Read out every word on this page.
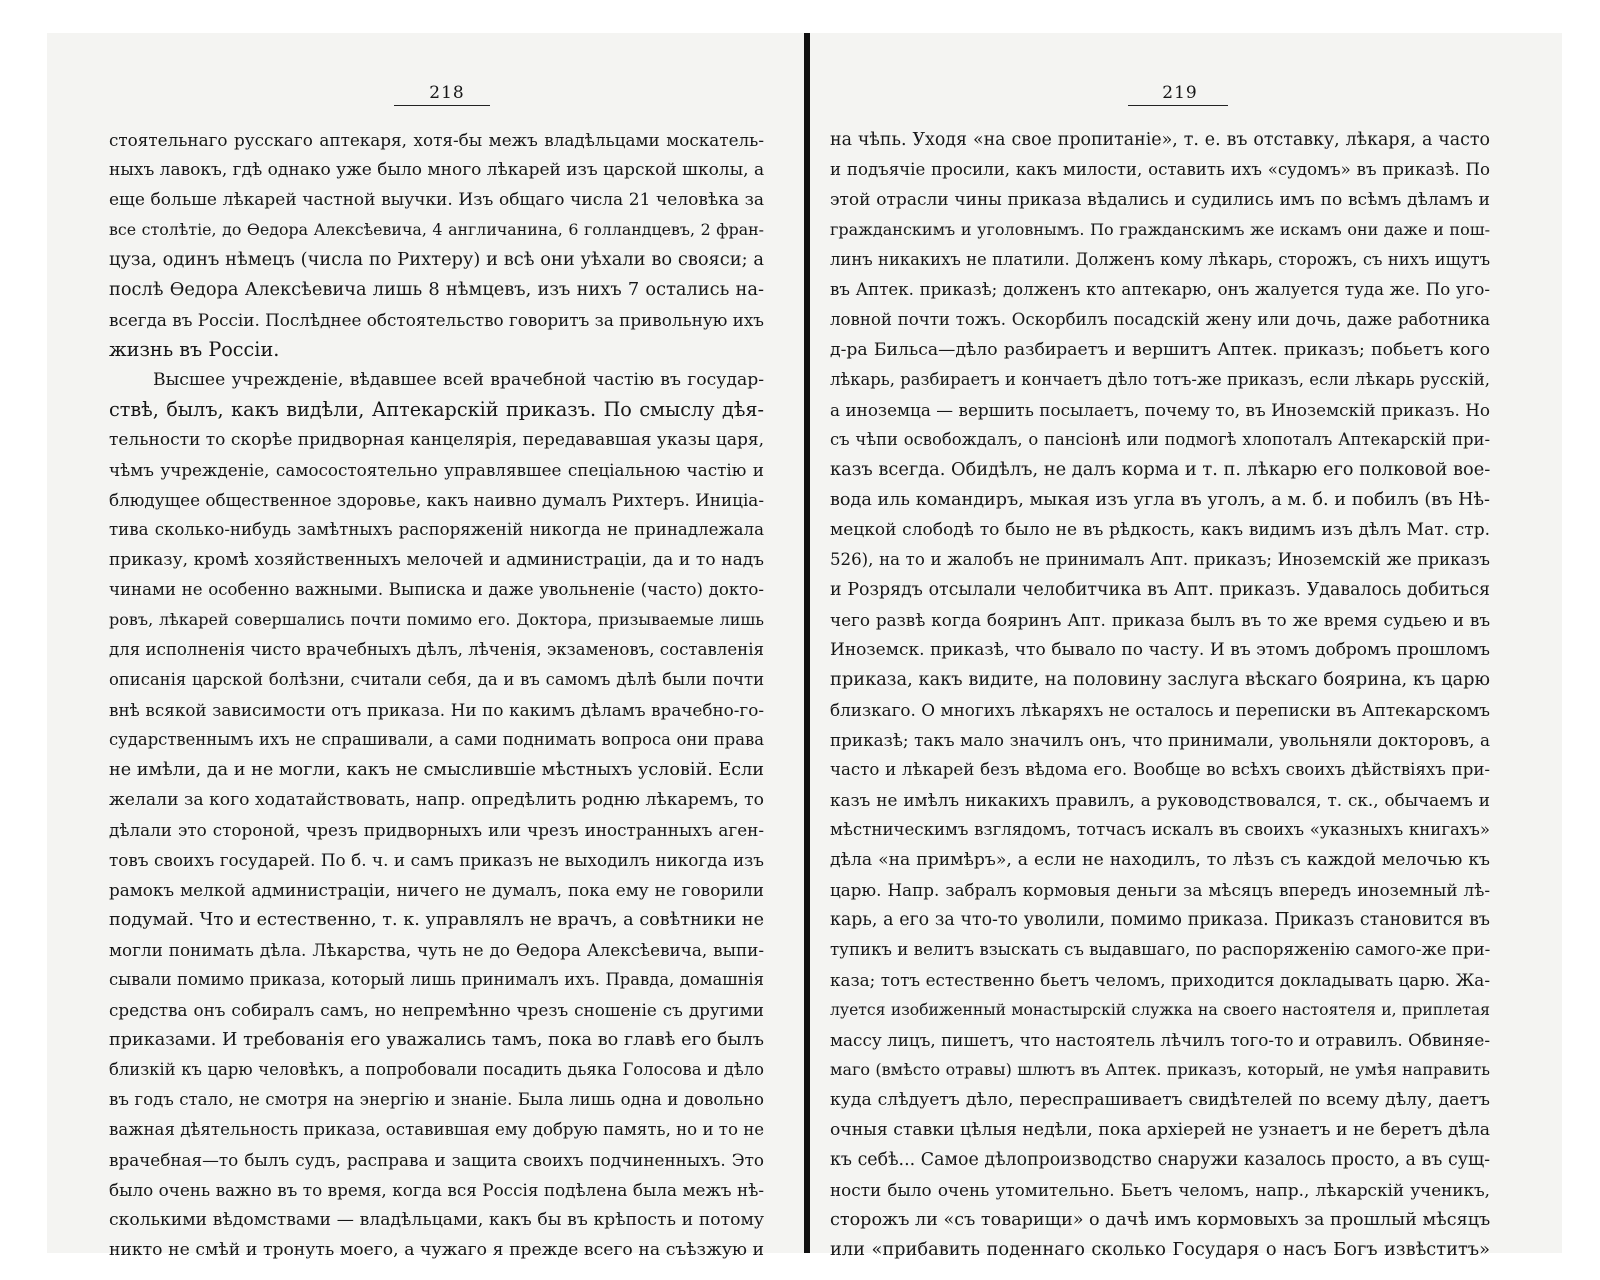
218
стоятельнаго русскаго аптекаря, хотя-бы межъ владѣльцами москатель-
ныхъ лавокъ, гдѣ однако уже было много лѣкарей изъ царской школы, а
еще больше лѣкарей частной выучки. Изъ общаго числа 21 человѣка за
все столѣтіе, до Ѳедора Алексѣевича, 4 англичанина, 6 голландцевъ, 2 фран-
цуза, одинъ нѣмецъ (числа по Рихтеру) и всѣ они уѣхали во свояси; а
послѣ Ѳедора Алексѣевича лишь 8 нѣмцевъ, изъ нихъ 7 остались на-
всегда въ Россіи. Послѣднее обстоятельство говоритъ за привольную ихъ
жизнь въ Россіи.
Высшее учрежденіе, вѣдавшее всей врачебной частію въ государ-
ствѣ, былъ, какъ видѣли, Аптекарскій приказъ. По смыслу дѣя-
тельности то скорѣе придворная канцелярія, передававшая указы царя,
чѣмъ учрежденіе, самосостоятельно управлявшее спеціальною частію и
блюдущее общественное здоровье, какъ наивно думалъ Рихтеръ. Иниціа-
тива сколько-нибудь замѣтныхъ распоряженій никогда не принадлежала
приказу, кромѣ хозяйственныхъ мелочей и администраціи, да и то надъ
чинами не особенно важными. Выписка и даже увольненіе (часто) докто-
ровъ, лѣкарей совершались почти помимо его. Доктора, призываемые лишь
для исполненія чисто врачебныхъ дѣлъ, лѣченія, экзаменовъ, составленія
описанія царской болѣзни, считали себя, да и въ самомъ дѣлѣ были почти
внѣ всякой зависимости отъ приказа. Ни по какимъ дѣламъ врачебно-го-
сударственнымъ ихъ не спрашивали, а сами поднимать вопроса они права
не имѣли, да и не могли, какъ не смыслившіе мѣстныхъ условій. Если
желали за кого ходатайствовать, напр. опредѣлить родню лѣкаремъ, то
дѣлали это стороной, чрезъ придворныхъ или чрезъ иностранныхъ аген-
товъ своихъ государей. По б. ч. и самъ приказъ не выходилъ никогда изъ
рамокъ мелкой администраціи, ничего не думалъ, пока ему не говорили
подумай. Что и естественно, т. к. управлялъ не врачъ, а совѣтники не
могли понимать дѣла. Лѣкарства, чуть не до Ѳедора Алексѣевича, выпи-
сывали помимо приказа, который лишь принималъ ихъ. Правда, домашнія
средства онъ собиралъ самъ, но непремѣнно чрезъ сношеніе съ другими
приказами. И требованія его уважались тамъ, пока во главѣ его былъ
близкій къ царю человѣкъ, а попробовали посадить дьяка Голосова и дѣло
въ годъ стало, не смотря на энергію и знаніе. Была лишь одна и довольно
важная дѣятельность приказа, оставившая ему добрую память, но и то не
врачебная—то былъ судъ, расправа и защита своихъ подчиненныхъ. Это
было очень важно въ то время, когда вся Россія подѣлена была межъ нѣ-
сколькими вѣдомствами — владѣльцами, какъ бы въ крѣпость и потому
никто не смѣй и тронуть моего, а чужаго я прежде всего на съѣзжую и
219
на чѣпь. Уходя «на свое пропитаніе», т. е. въ отставку, лѣкаря, а часто
и подъячіе просили, какъ милости, оставить ихъ «судомъ» въ приказѣ. По
этой отрасли чины приказа вѣдались и судились имъ по всѣмъ дѣламъ и
гражданскимъ и уголовнымъ. По гражданскимъ же искамъ они даже и пош-
линъ никакихъ не платили. Долженъ кому лѣкарь, сторожъ, съ нихъ ищутъ
въ Аптек. приказѣ; долженъ кто аптекарю, онъ жалуется туда же. По уго-
ловной почти тожъ. Оскорбилъ посадскій жену или дочь, даже работника
д-ра Бильса—дѣло разбираетъ и вершитъ Аптек. приказъ; побьетъ кого
лѣкарь, разбираетъ и кончаетъ дѣло тотъ-же приказъ, если лѣкарь русскій,
а иноземца — вершить посылаетъ, почему то, въ Иноземскій приказъ. Но
съ чѣпи освобождалъ, о пансіонѣ или подмогѣ хлопоталъ Аптекарскій при-
казъ всегда. Обидѣлъ, не далъ корма и т. п. лѣкарю его полковой вое-
вода иль командиръ, мыкая изъ угла въ уголъ, а м. б. и побилъ (въ Нѣ-
мецкой слободѣ то было не въ рѣдкость, какъ видимъ изъ дѣлъ Мат. стр.
526), на то и жалобъ не принималъ Апт. приказъ; Иноземскій же приказъ
и Розрядъ отсылали челобитчика въ Апт. приказъ. Удавалось добиться
чего развѣ когда бояринъ Апт. приказа былъ въ то же время судьею и въ
Иноземск. приказѣ, что бывало по часту. И въ этомъ добромъ прошломъ
приказа, какъ видите, на половину заслуга вѣскаго боярина, къ царю
близкаго. О многихъ лѣкаряхъ не осталось и переписки въ Аптекарскомъ
приказѣ; такъ мало значилъ онъ, что принимали, увольняли докторовъ, а
часто и лѣкарей безъ вѣдома его. Вообще во всѣхъ своихъ дѣйствіяхъ при-
казъ не имѣлъ никакихъ правилъ, а руководствовался, т. ск., обычаемъ и
мѣстническимъ взглядомъ, тотчасъ искалъ въ своихъ «указныхъ книгахъ»
дѣла «на примѣръ», а если не находилъ, то лѣзъ съ каждой мелочью къ
царю. Напр. забралъ кормовыя деньги за мѣсяцъ впередъ иноземный лѣ-
карь, а его за что-то уволили, помимо приказа. Приказъ становится въ
тупикъ и велитъ взыскать съ выдавшаго, по распоряженію самого-же при-
каза; тотъ естественно бьетъ челомъ, приходится докладывать царю. Жа-
луется изобиженный монастырскій служка на своего настоятеля и, приплетая
массу лицъ, пишетъ, что настоятель лѣчилъ того-то и отравилъ. Обвиняе-
маго (вмѣсто отравы) шлютъ въ Аптек. приказъ, который, не умѣя направить
куда слѣдуетъ дѣло, переспрашиваетъ свидѣтелей по всему дѣлу, даетъ
очныя ставки цѣлыя недѣли, пока архіерей не узнаетъ и не беретъ дѣла
къ себѣ... Самое дѣлопроизводство снаружи казалось просто, а въ сущ-
ности было очень утомительно. Бьетъ челомъ, напр., лѣкарскій ученикъ,
сторожъ ли «съ товарищи» о дачѣ имъ кормовыхъ за прошлый мѣсяцъ
или «прибавить поденнаго сколько Государя о насъ Богъ извѣститъ»
